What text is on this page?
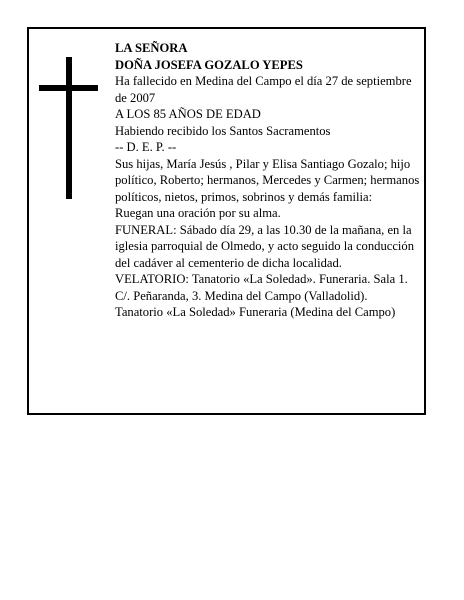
LA SEÑORA
DOÑA JOSEFA GOZALO YEPES
Ha fallecido en Medina del Campo el día 27 de septiembre de 2007
A LOS 85 AÑOS DE EDAD
Habiendo recibido los Santos Sacramentos
-- D. E. P. --
Sus hijas, María Jesús , Pilar y Elisa Santiago Gozalo; hijo político, Roberto; hermanos, Mercedes y Carmen; hermanos políticos, nietos, primos, sobrinos y demás familia:
Ruegan una oración por su alma.
FUNERAL: Sábado día 29, a las 10.30 de la mañana, en la iglesia parroquial de Olmedo, y acto seguido la conducción del cadáver al cementerio de dicha localidad.
VELATORIO: Tanatorio «La Soledad». Funeraria. Sala 1. C/. Peñaranda, 3. Medina del Campo (Valladolid).
Tanatorio «La Soledad» Funeraria (Medina del Campo)
